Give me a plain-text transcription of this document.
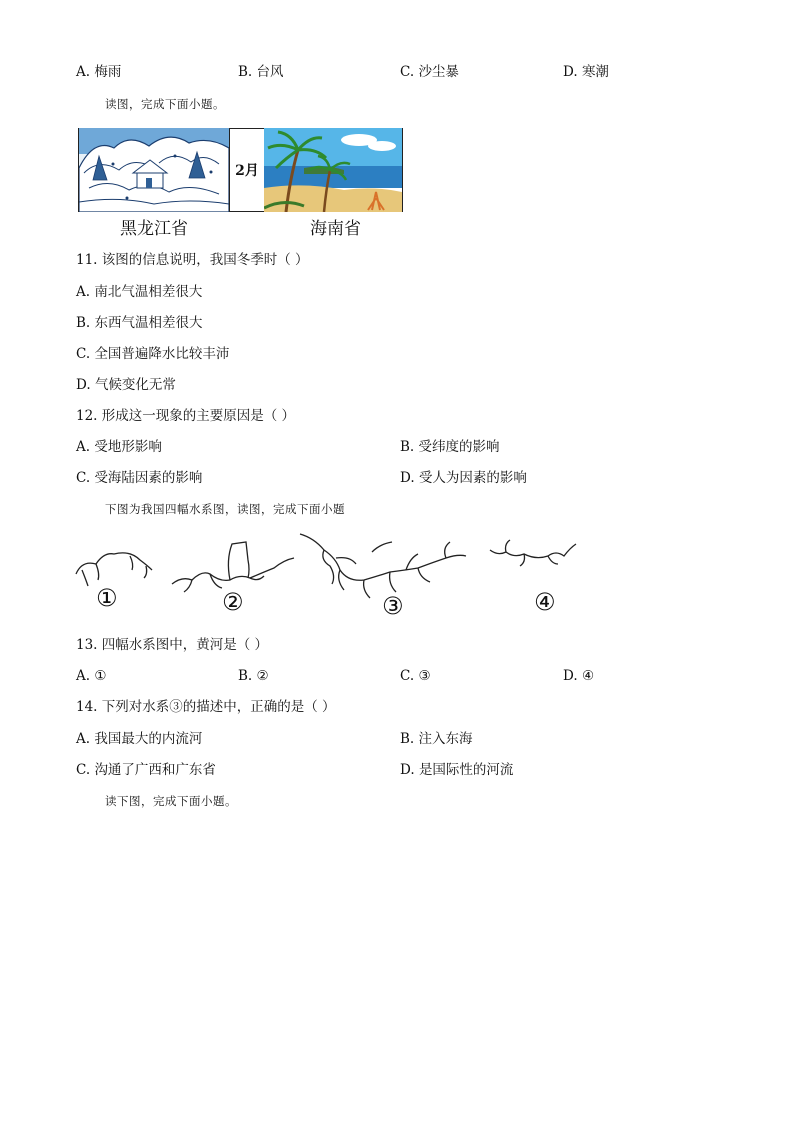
A. 梅雨	B. 台风	C. 沙尘暴	D. 寒潮
读图，完成下面小题。
2月
黑龙江省	海南省
11. 该图的信息说明，我国冬季时（ ）
A. 南北气温相差很大
B. 东西气温相差很大
C. 全国普遍降水比较丰沛
D. 气候变化无常
12. 形成这一现象的主要原因是（ ）
A. 受地形影响	B. 受纬度的影响
C. 受海陆因素的影响	D. 受人为因素的影响
下图为我国四幅水系图，读图，完成下面小题
①	②	③	④
13. 四幅水系图中，黄河是（ ）
A. ①	B. ②	C. ③	D. ④
14. 下列对水系③的描述中，正确的是（ ）
A. 我国最大的内流河	B. 注入东海
C. 沟通了广西和广东省	D. 是国际性的河流
读下图，完成下面小题。
